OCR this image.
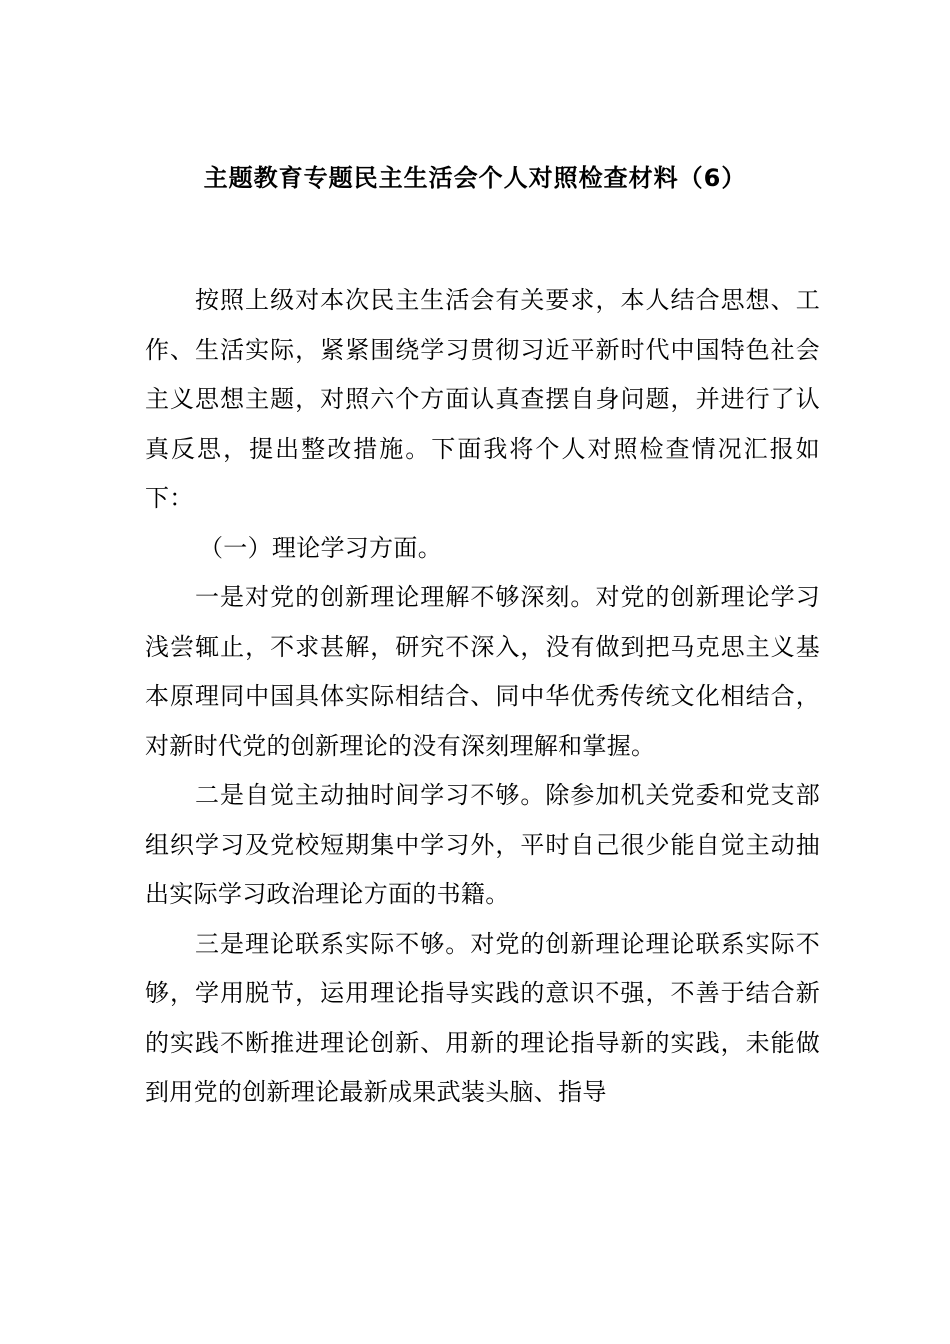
主题教育专题民主生活会个人对照检查材料（6）

按照上级对本次民主生活会有关要求，本人结合思想、工作、生活实际，紧紧围绕学习贯彻习近平新时代中国特色社会主义思想主题，对照六个方面认真查摆自身问题，并进行了认真反思，提出整改措施。下面我将个人对照检查情况汇报如下：

（一）理论学习方面。

一是对党的创新理论理解不够深刻。对党的创新理论学习浅尝辄止，不求甚解，研究不深入，没有做到把马克思主义基本原理同中国具体实际相结合、同中华优秀传统文化相结合，对新时代党的创新理论的没有深刻理解和掌握。

二是自觉主动抽时间学习不够。除参加机关党委和党支部组织学习及党校短期集中学习外，平时自己很少能自觉主动抽出实际学习政治理论方面的书籍。

三是理论联系实际不够。对党的创新理论理论联系实际不够，学用脱节，运用理论指导实践的意识不强，不善于结合新的实践不断推进理论创新、用新的理论指导新的实践，未能做到用党的创新理论最新成果武装头脑、指导
